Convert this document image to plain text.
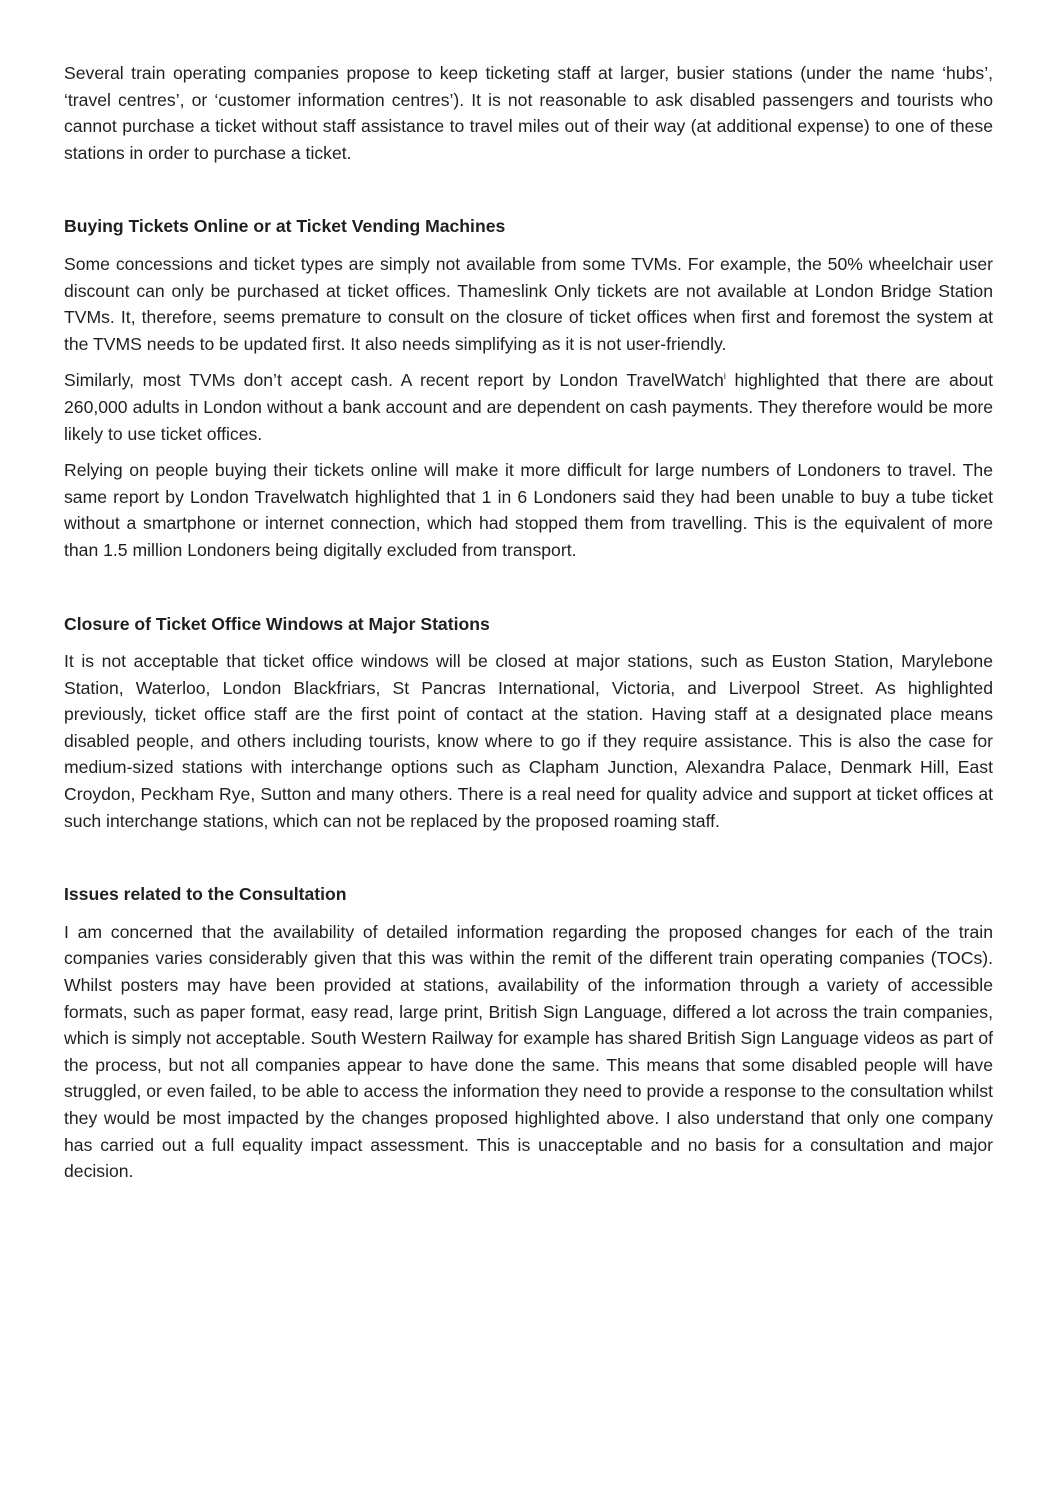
Several train operating companies propose to keep ticketing staff at larger, busier stations (under the name ‘hubs’, ‘travel centres’, or ‘customer information centres’). It is not reasonable to ask disabled passengers and tourists who cannot purchase a ticket without staff assistance to travel miles out of their way (at additional expense) to one of these stations in order to purchase a ticket.

Buying Tickets Online or at Ticket Vending Machines

Some concessions and ticket types are simply not available from some TVMs. For example, the 50% wheelchair user discount can only be purchased at ticket offices. Thameslink Only tickets are not available at London Bridge Station TVMs. It, therefore, seems premature to consult on the closure of ticket offices when first and foremost the system at the TVMS needs to be updated first. It also needs simplifying as it is not user-friendly.

Similarly, most TVMs don’t accept cash. A recent report by London TravelWatch$^i$ highlighted that there are about 260,000 adults in London without a bank account and are dependent on cash payments. They therefore would be more likely to use ticket offices.

Relying on people buying their tickets online will make it more difficult for large numbers of Londoners to travel. The same report by London Travelwatch highlighted that 1 in 6 Londoners said they had been unable to buy a tube ticket without a smartphone or internet connection, which had stopped them from travelling. This is the equivalent of more than 1.5 million Londoners being digitally excluded from transport.

Closure of Ticket Office Windows at Major Stations

It is not acceptable that ticket office windows will be closed at major stations, such as Euston Station, Marylebone Station, Waterloo, London Blackfriars, St Pancras International, Victoria, and Liverpool Street. As highlighted previously, ticket office staff are the first point of contact at the station. Having staff at a designated place means disabled people, and others including tourists, know where to go if they require assistance. This is also the case for medium-sized stations with interchange options such as Clapham Junction, Alexandra Palace, Denmark Hill, East Croydon, Peckham Rye, Sutton and many others. There is a real need for quality advice and support at ticket offices at such interchange stations, which can not be replaced by the proposed roaming staff.

Issues related to the Consultation

I am concerned that the availability of detailed information regarding the proposed changes for each of the train companies varies considerably given that this was within the remit of the different train operating companies (TOCs). Whilst posters may have been provided at stations, availability of the information through a variety of accessible formats, such as paper format, easy read, large print, British Sign Language, differed a lot across the train companies, which is simply not acceptable. South Western Railway for example has shared British Sign Language videos as part of the process, but not all companies appear to have done the same. This means that some disabled people will have struggled, or even failed, to be able to access the information they need to provide a response to the consultation whilst they would be most impacted by the changes proposed highlighted above. I also understand that only one company has carried out a full equality impact assessment. This is unacceptable and no basis for a consultation and major decision.
